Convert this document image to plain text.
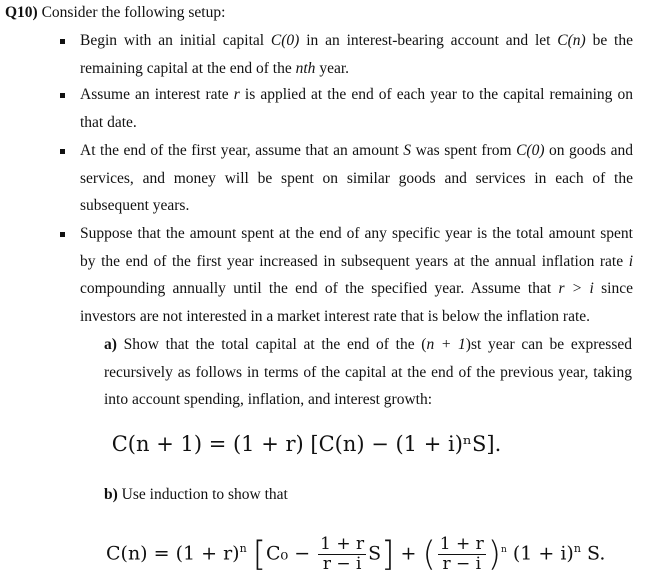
Q10) Consider the following setup:
Begin with an initial capital C(0) in an interest-bearing account and let C(n) be the remaining capital at the end of the nth year.
Assume an interest rate r is applied at the end of each year to the capital remaining on that date.
At the end of the first year, assume that an amount S was spent from C(0) on goods and services, and money will be spent on similar goods and services in each of the subsequent years.
Suppose that the amount spent at the end of any specific year is the total amount spent by the end of the first year increased in subsequent years at the annual inflation rate i compounding annually until the end of the specified year. Assume that r > i since investors are not interested in a market interest rate that is below the inflation rate.
a) Show that the total capital at the end of the (n + 1)st year can be expressed recursively as follows in terms of the capital at the end of the previous year, taking into account spending, inflation, and interest growth:
C(n + 1) = (1 + r) [C(n) − (1 + i)ⁿS].
b) Use induction to show that
$C(n) = (1 + r)^n$ $[C_0 - \frac{1 + r}{r - i} S]$ + ( $\frac{1 + r}{r - i} )^n$ $(1 + i)^n$ S.
